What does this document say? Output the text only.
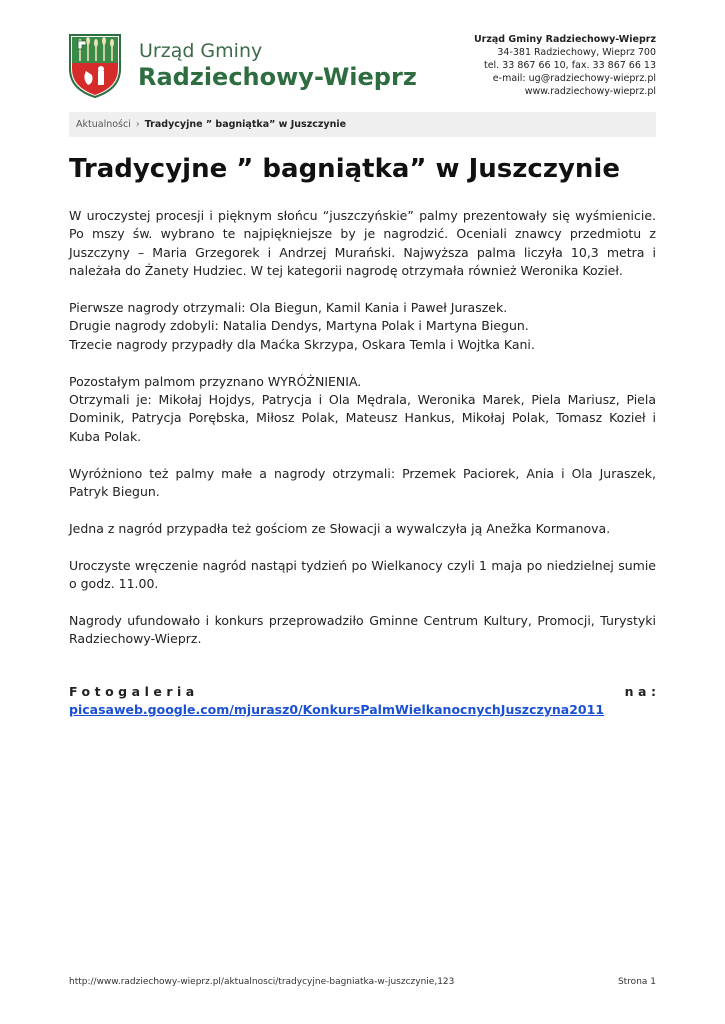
Urząd Gminy
Radziechowy-Wieprz
Urząd Gminy Radziechowy-Wieprz
34-381 Radziechowy, Wieprz 700
tel. 33 867 66 10, fax. 33 867 66 13
e-mail: ug@radziechowy-wieprz.pl
www.radziechowy-wieprz.pl
Aktualności › Tradycyjne ” bagniątka” w Juszczynie
Tradycyjne ” bagniątka” w Juszczynie

W uroczystej procesji i pięknym słońcu “juszczyńskie” palmy prezentowały się wyśmienicie. Po mszy św. wybrano te najpiękniejsze by je nagrodzić. Oceniali znawcy przedmiotu z Juszczyny – Maria Grzegorek i Andrzej Murański. Najwyższa palma liczyła 10,3 metra i należała do Żanety Hudziec. W tej kategorii nagrodę otrzymała również Weronika Kozieł.

Pierwsze nagrody otrzymali: Ola Biegun, Kamil Kania i Paweł Juraszek.
Drugie nagrody zdobyli: Natalia Dendys, Martyna Polak i Martyna Biegun.
Trzecie nagrody przypadły dla Maćka Skrzypa, Oskara Temla i Wojtka Kani.

Pozostałym palmom przyznano WYRÓŻNIENIA.
Otrzymali je: Mikołaj Hojdys, Patrycja i Ola Mędrala, Weronika Marek, Piela Mariusz, Piela Dominik, Patrycja Porębska, Miłosz Polak, Mateusz Hankus, Mikołaj Polak, Tomasz Kozieł i Kuba Polak.

Wyróżniono też palmy małe a nagrody otrzymali: Przemek Paciorek, Ania i Ola Juraszek, Patryk Biegun.

Jedna z nagród przypadła też gościom ze Słowacji a wywalczyła ją Anežka Kormanova.

Uroczyste wręczenie nagród nastąpi tydzień po Wielkanocy czyli 1 maja po niedzielnej sumie o godz. 11.00.

Nagrody ufundowało i konkurs przeprowadziło Gminne Centrum Kultury, Promocji, Turystyki Radziechowy-Wieprz.

Fotogaleria	na:
picasaweb.google.com/mjurasz0/KonkursPalmWielkanocnychJuszczyna2011
http://www.radziechowy-wieprz.pl/aktualnosci/tradycyjne-bagniatka-w-juszczynie,123	Strona 1
